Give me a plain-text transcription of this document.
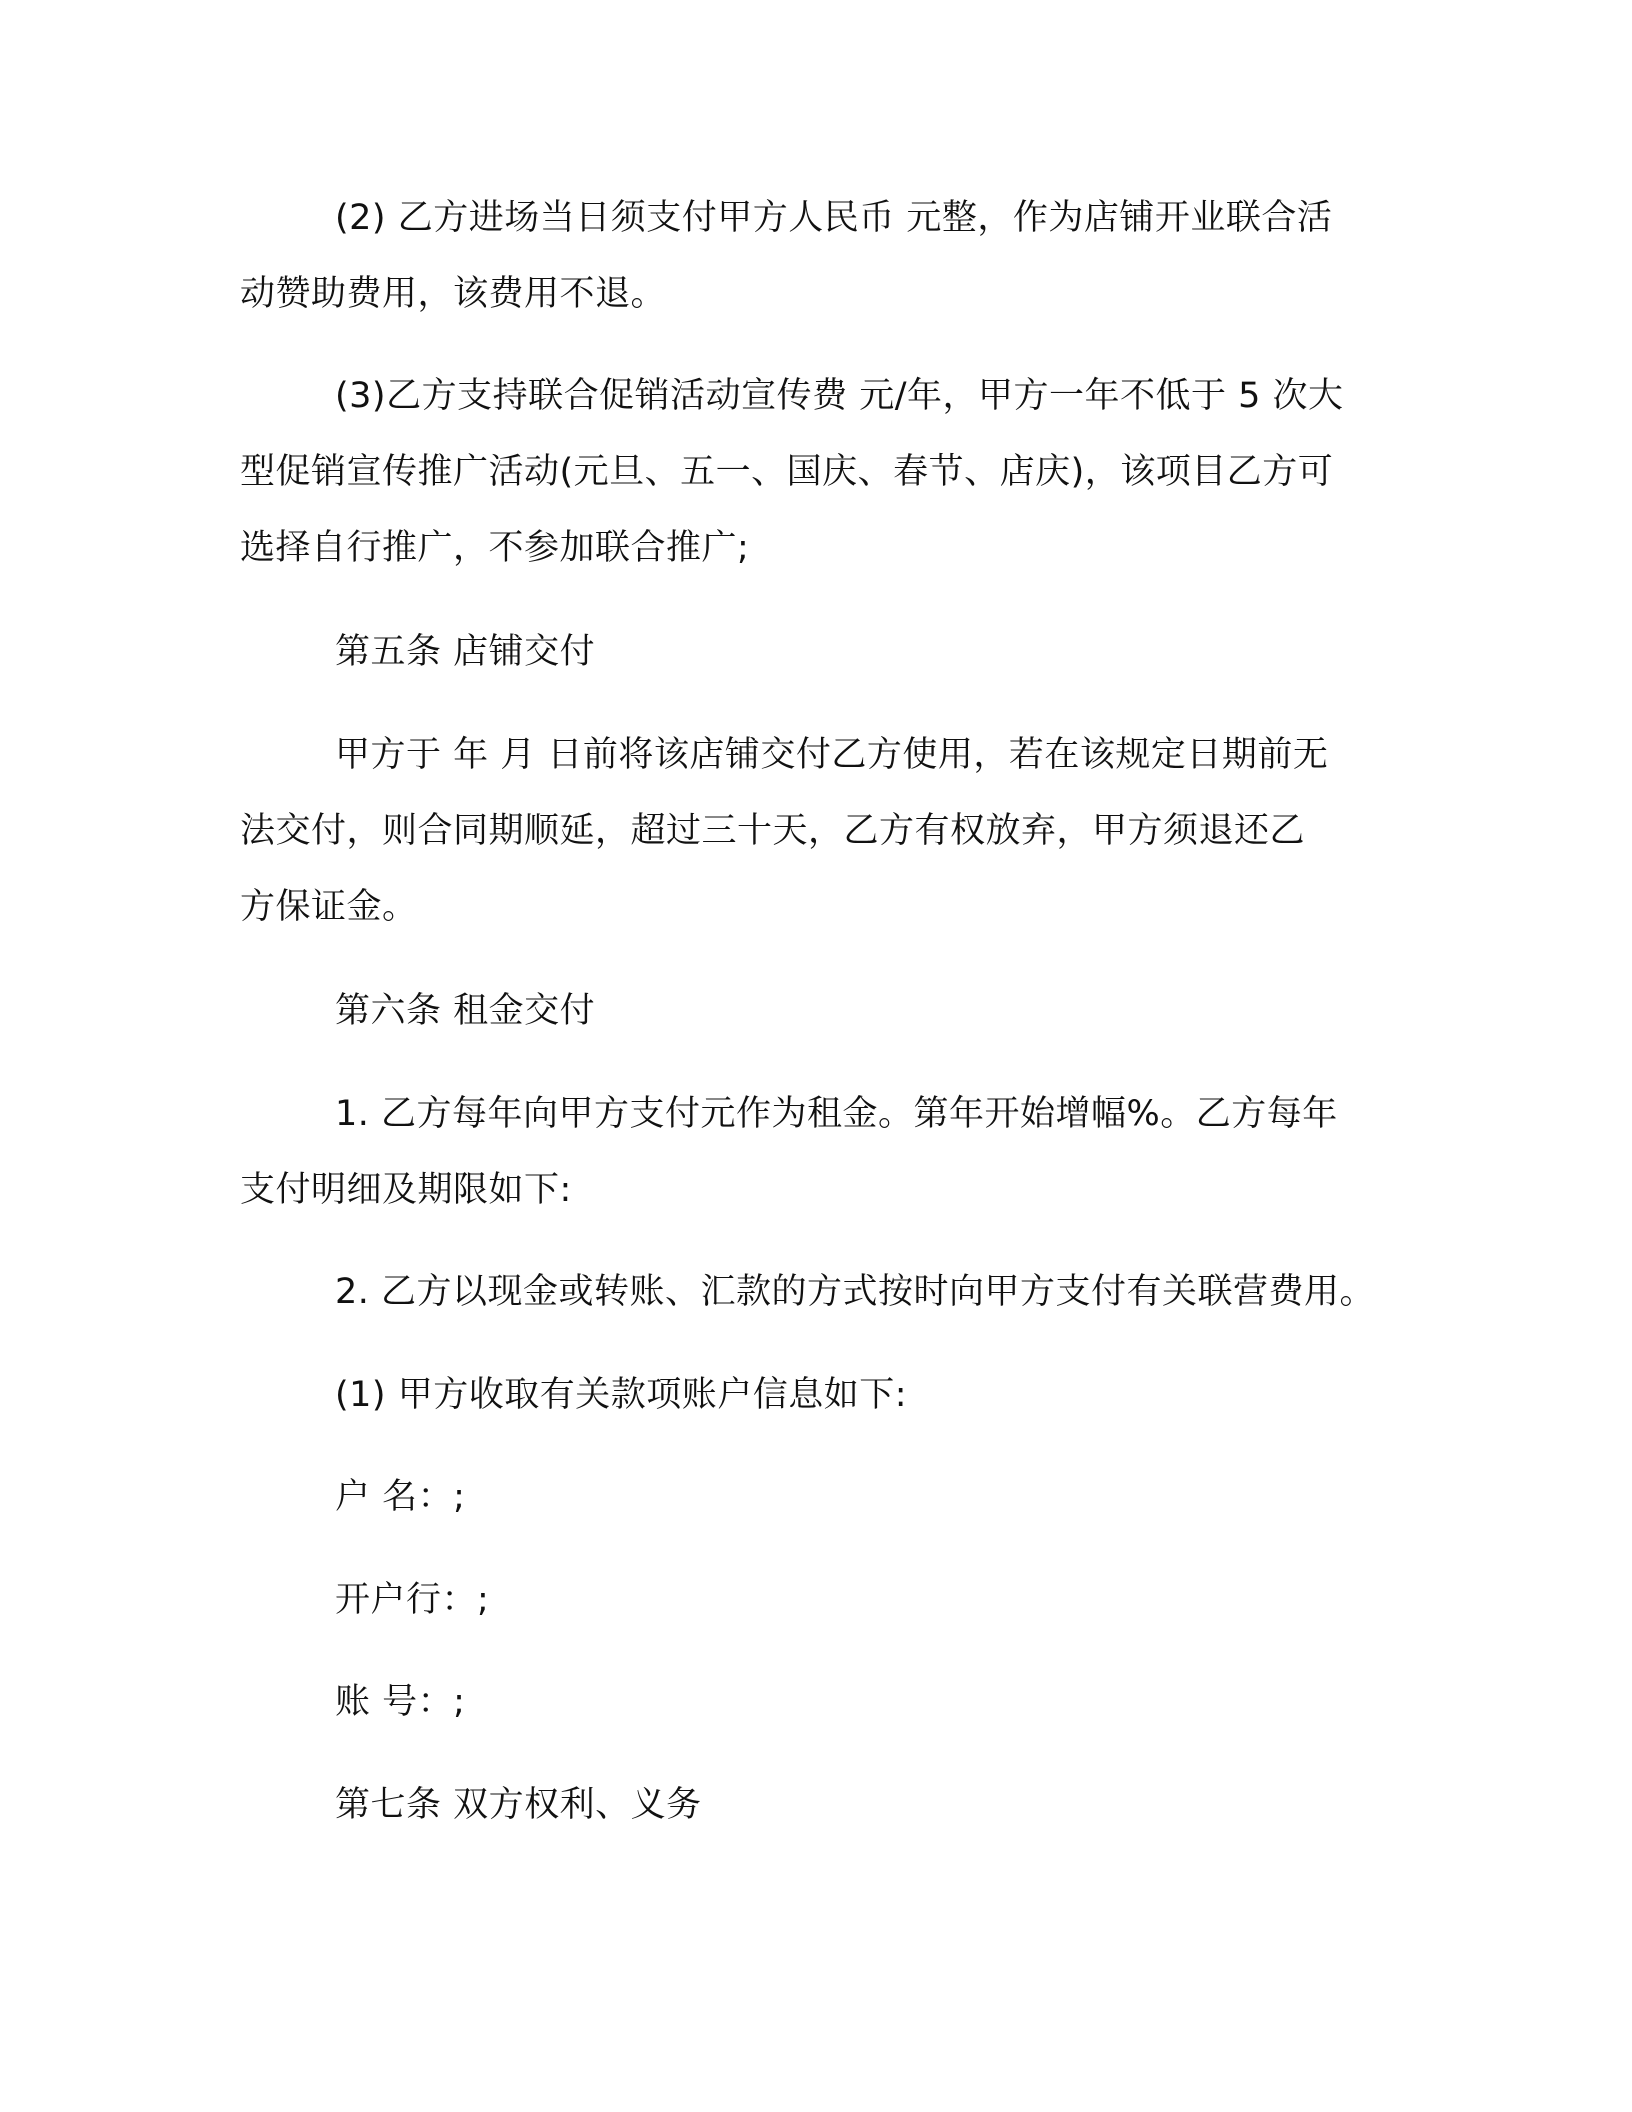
(2) 乙方进场当日须支付甲方人民币 元整，作为店铺开业联合活
动赞助费用，该费用不退。
(3)乙方支持联合促销活动宣传费 元/年，甲方一年不低于 5 次大
型促销宣传推广活动(元旦、五一、国庆、春节、店庆)，该项目乙方可
选择自行推广，不参加联合推广;
第五条 店铺交付
甲方于 年 月 日前将该店铺交付乙方使用，若在该规定日期前无
法交付，则合同期顺延，超过三十天，乙方有权放弃，甲方须退还乙
方保证金。
第六条 租金交付
1. 乙方每年向甲方支付元作为租金。第年开始增幅%。乙方每年
支付明细及期限如下:
2. 乙方以现金或转账、汇款的方式按时向甲方支付有关联营费用。
(1) 甲方收取有关款项账户信息如下:
户 名：;
开户行：;
账 号：;
第七条 双方权利、义务
